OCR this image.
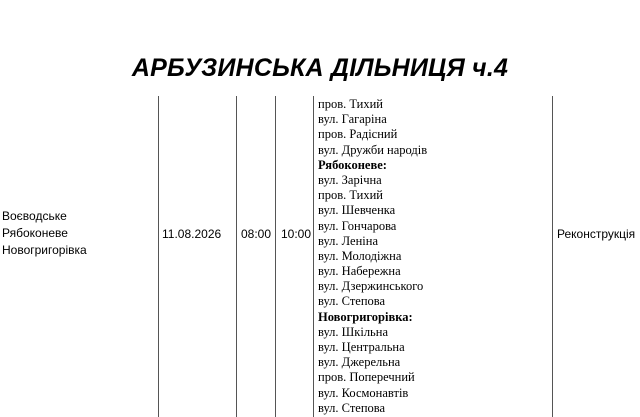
АРБУЗИНСЬКА ДІЛЬНИЦЯ ч.4
Воєводське
Рябоконеве
Новогригорівка
11.08.2026 08:00 10:00	Реконструкція
пров. Тихий
вул. Гагаріна
пров. Радісний
вул. Дружби народів
Рябоконеве:
вул. Зарічна
пров. Тихий
вул. Шевченка
вул. Гончарова
вул. Леніна
вул. Молодіжна
вул. Набережна
вул. Дзержинського
вул. Степова
Новогригорівка:
вул. Шкільна
вул. Центральна
вул. Джерельна
пров. Поперечний
вул. Космонавтів
вул. Степова
